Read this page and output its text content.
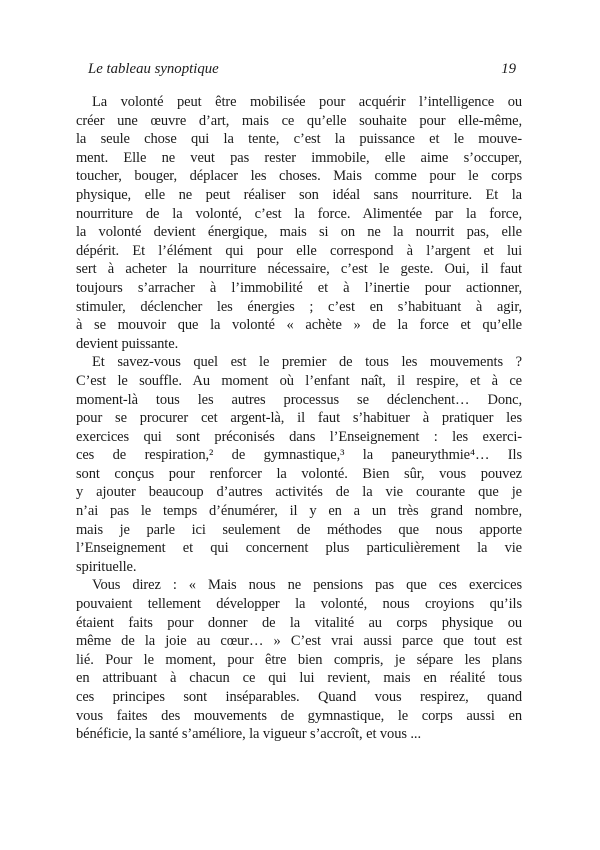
Le tableau synoptique	19
La volonté peut être mobilisée pour acquérir l’intelligence ou
créer une œuvre d’art, mais ce qu’elle souhaite pour elle-même,
la seule chose qui la tente, c’est la puissance et le mouve-
ment. Elle ne veut pas rester immobile, elle aime s’occuper,
toucher, bouger, déplacer les choses. Mais comme pour le corps
physique, elle ne peut réaliser son idéal sans nourriture. Et la
nourriture de la volonté, c’est la force. Alimentée par la force,
la volonté devient énergique, mais si on ne la nourrit pas, elle
dépérit. Et l’élément qui pour elle correspond à l’argent et lui
sert à acheter la nourriture nécessaire, c’est le geste. Oui, il faut
toujours s’arracher à l’immobilité et à l’inertie pour actionner,
stimuler, déclencher les énergies ; c’est en s’habituant à agir,
à se mouvoir que la volonté « achète » de la force et qu’elle
devient puissante.
Et savez-vous quel est le premier de tous les mouvements ?
C’est le souffle. Au moment où l’enfant naît, il respire, et à ce
moment-là tous les autres processus se déclenchent… Donc,
pour se procurer cet argent-là, il faut s’habituer à pratiquer les
exercices qui sont préconisés dans l’Enseignement : les exerci-
ces de respiration,² de gymnastique,³ la paneurythmie⁴… Ils
sont conçus pour renforcer la volonté. Bien sûr, vous pouvez
y ajouter beaucoup d’autres activités de la vie courante que je
n’ai pas le temps d’énumérer, il y en a un très grand nombre,
mais je parle ici seulement de méthodes que nous apporte
l’Enseignement et qui concernent plus particulièrement la vie
spirituelle.
Vous direz : « Mais nous ne pensions pas que ces exercices
pouvaient tellement développer la volonté, nous croyions qu’ils
étaient faits pour donner de la vitalité au corps physique ou
même de la joie au cœur… » C’est vrai aussi parce que tout est
lié. Pour le moment, pour être bien compris, je sépare les plans
en attribuant à chacun ce qui lui revient, mais en réalité tous
ces principes sont inséparables. Quand vous respirez, quand
vous faites des mouvements de gymnastique, le corps aussi en
bénéficie, la santé s’améliore, la vigueur s’accroît, et vous ...
